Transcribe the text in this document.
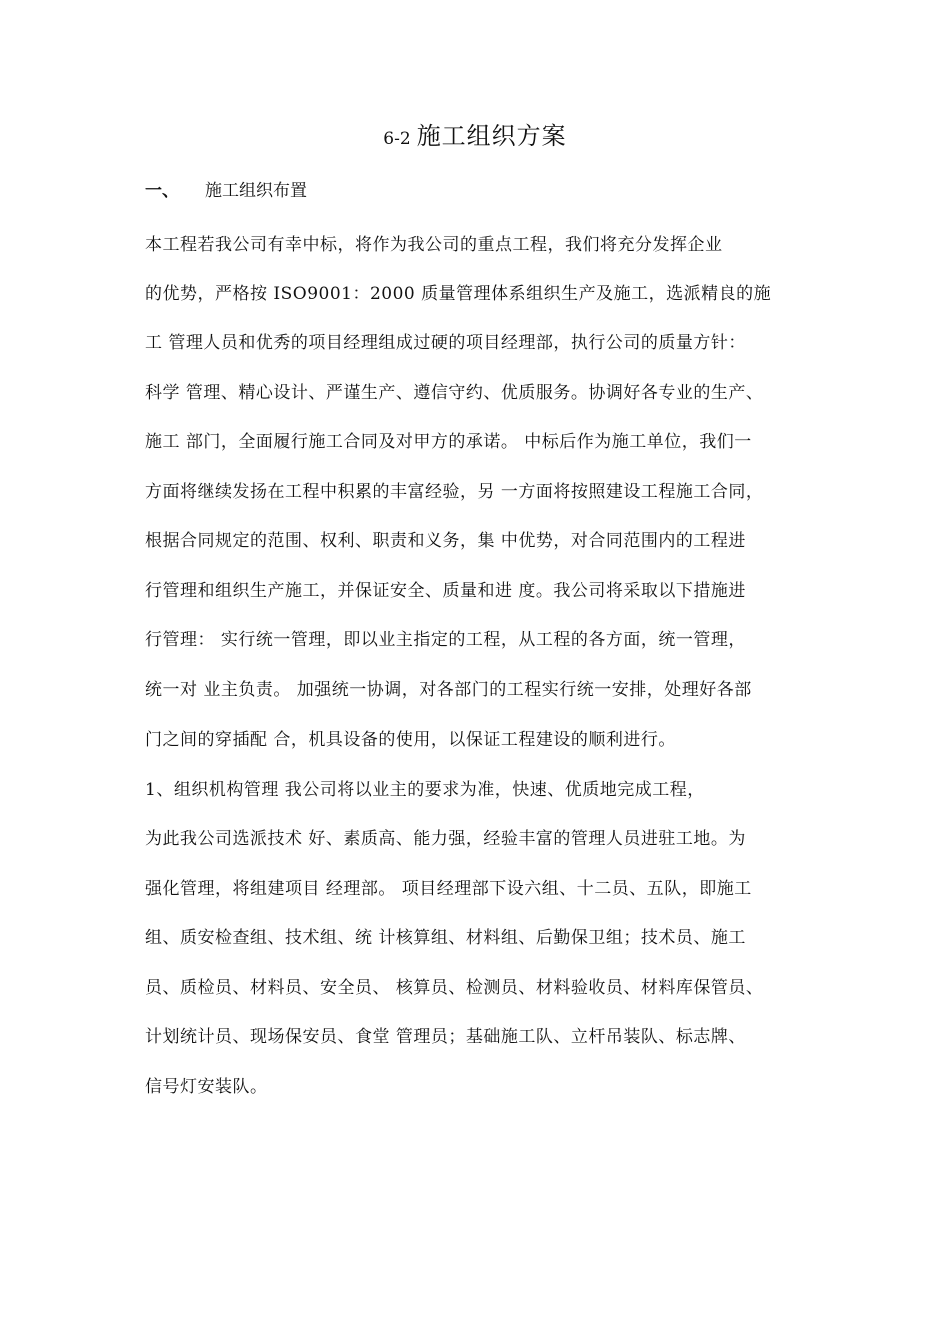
6-2 施工组织方案
一、 施工组织布置
本工程若我公司有幸中标，将作为我公司的重点工程，我们将充分发挥企业
的优势，严格按 ISO9001：2000 质量管理体系组织生产及施工，选派精良的施
工 管理人员和优秀的项目经理组成过硬的项目经理部，执行公司的质量方针：
科学 管理、精心设计、严谨生产、遵信守约、优质服务。协调好各专业的生产、
施工 部门，全面履行施工合同及对甲方的承诺。 中标后作为施工单位，我们一
方面将继续发扬在工程中积累的丰富经验，另 一方面将按照建设工程施工合同，
根据合同规定的范围、权利、职责和义务，集 中优势，对合同范围内的工程进
行管理和组织生产施工，并保证安全、质量和进 度。我公司将采取以下措施进
行管理： 实行统一管理，即以业主指定的工程，从工程的各方面，统一管理，
统一对 业主负责。 加强统一协调，对各部门的工程实行统一安排，处理好各部
门之间的穿插配 合，机具设备的使用，以保证工程建设的顺利进行。
1、组织机构管理 我公司将以业主的要求为准，快速、优质地完成工程，
为此我公司选派技术 好、素质高、能力强，经验丰富的管理人员进驻工地。为
强化管理，将组建项目 经理部。 项目经理部下设六组、十二员、五队，即施工
组、质安检查组、技术组、统 计核算组、材料组、后勤保卫组；技术员、施工
员、质检员、材料员、安全员、 核算员、检测员、材料验收员、材料库保管员、
计划统计员、现场保安员、食堂 管理员；基础施工队、立杆吊装队、标志牌、
信号灯安装队。
